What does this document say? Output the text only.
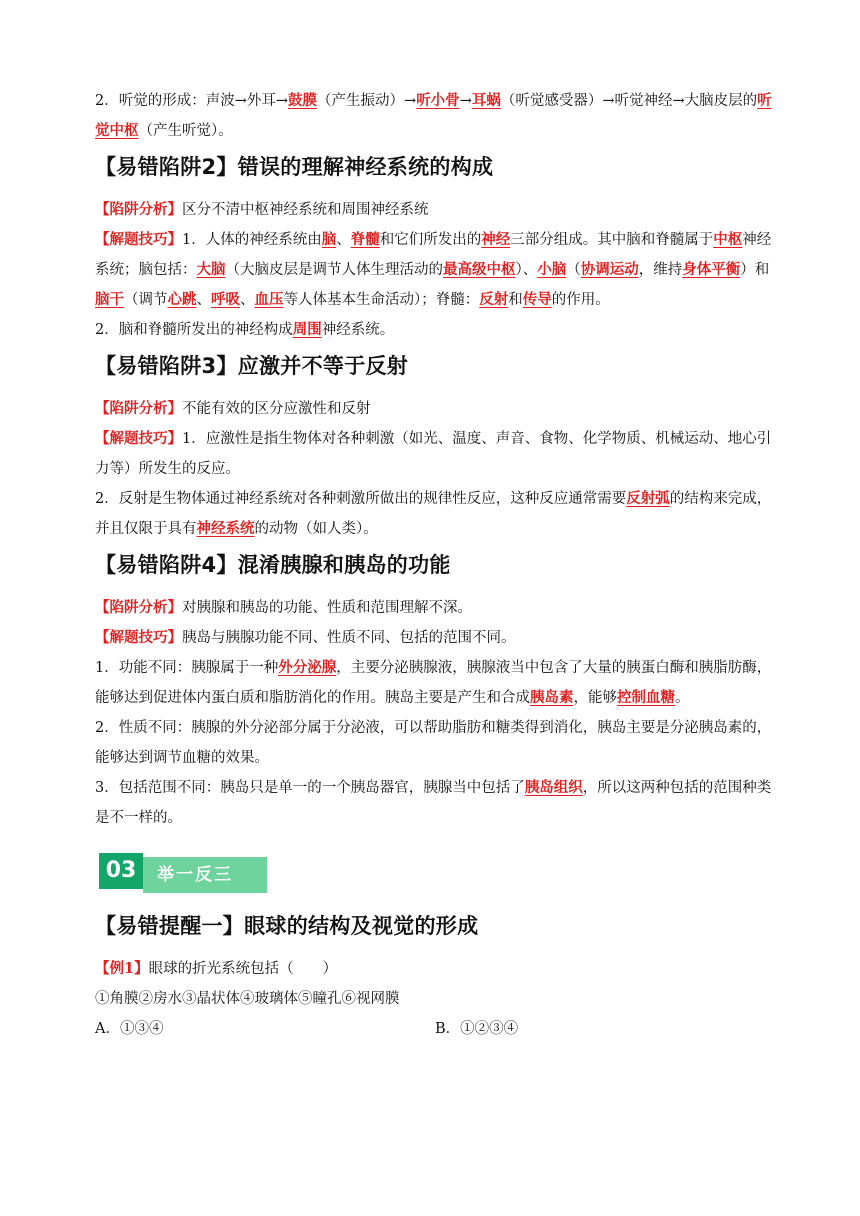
2．听觉的形成：声波→外耳→鼓膜（产生振动）→听小骨→耳蜗（听觉感受器）→听觉神经→大脑皮层的听觉中枢（产生听觉）。

【易错陷阱2】错误的理解神经系统的构成

【陷阱分析】区分不清中枢神经系统和周围神经系统

【解题技巧】1．人体的神经系统由脑、脊髓和它们所发出的神经三部分组成。其中脑和脊髓属于中枢神经系统；脑包括：大脑（大脑皮层是调节人体生理活动的最高级中枢）、小脑（协调运动，维持身体平衡）和脑干（调节心跳、呼吸、血压等人体基本生命活动）；脊髓：反射和传导的作用。

2．脑和脊髓所发出的神经构成周围神经系统。

【易错陷阱3】应激并不等于反射

【陷阱分析】不能有效的区分应激性和反射

【解题技巧】1．应激性是指生物体对各种刺激（如光、温度、声音、食物、化学物质、机械运动、地心引力等）所发生的反应。

2．反射是生物体通过神经系统对各种刺激所做出的规律性反应，这种反应通常需要反射弧的结构来完成，并且仅限于具有神经系统的动物（如人类）。

【易错陷阱4】混淆胰腺和胰岛的功能

【陷阱分析】对胰腺和胰岛的功能、性质和范围理解不深。

【解题技巧】胰岛与胰腺功能不同、性质不同、包括的范围不同。

1．功能不同：胰腺属于一种外分泌腺，主要分泌胰腺液，胰腺液当中包含了大量的胰蛋白酶和胰脂肪酶，能够达到促进体内蛋白质和脂肪消化的作用。胰岛主要是产生和合成胰岛素，能够控制血糖。

2．性质不同：胰腺的外分泌部分属于分泌液，可以帮助脂肪和糖类得到消化，胰岛主要是分泌胰岛素的，能够达到调节血糖的效果。

3．包括范围不同：胰岛只是单一的一个胰岛器官，胰腺当中包括了胰岛组织，所以这两种包括的范围种类是不一样的。

举一反三
03
【易错提醒一】眼球的结构及视觉的形成

【例1】眼球的折光系统包括（　　）

①角膜②房水③晶状体④玻璃体⑤瞳孔⑥视网膜

A．①③④	B．①②③④
